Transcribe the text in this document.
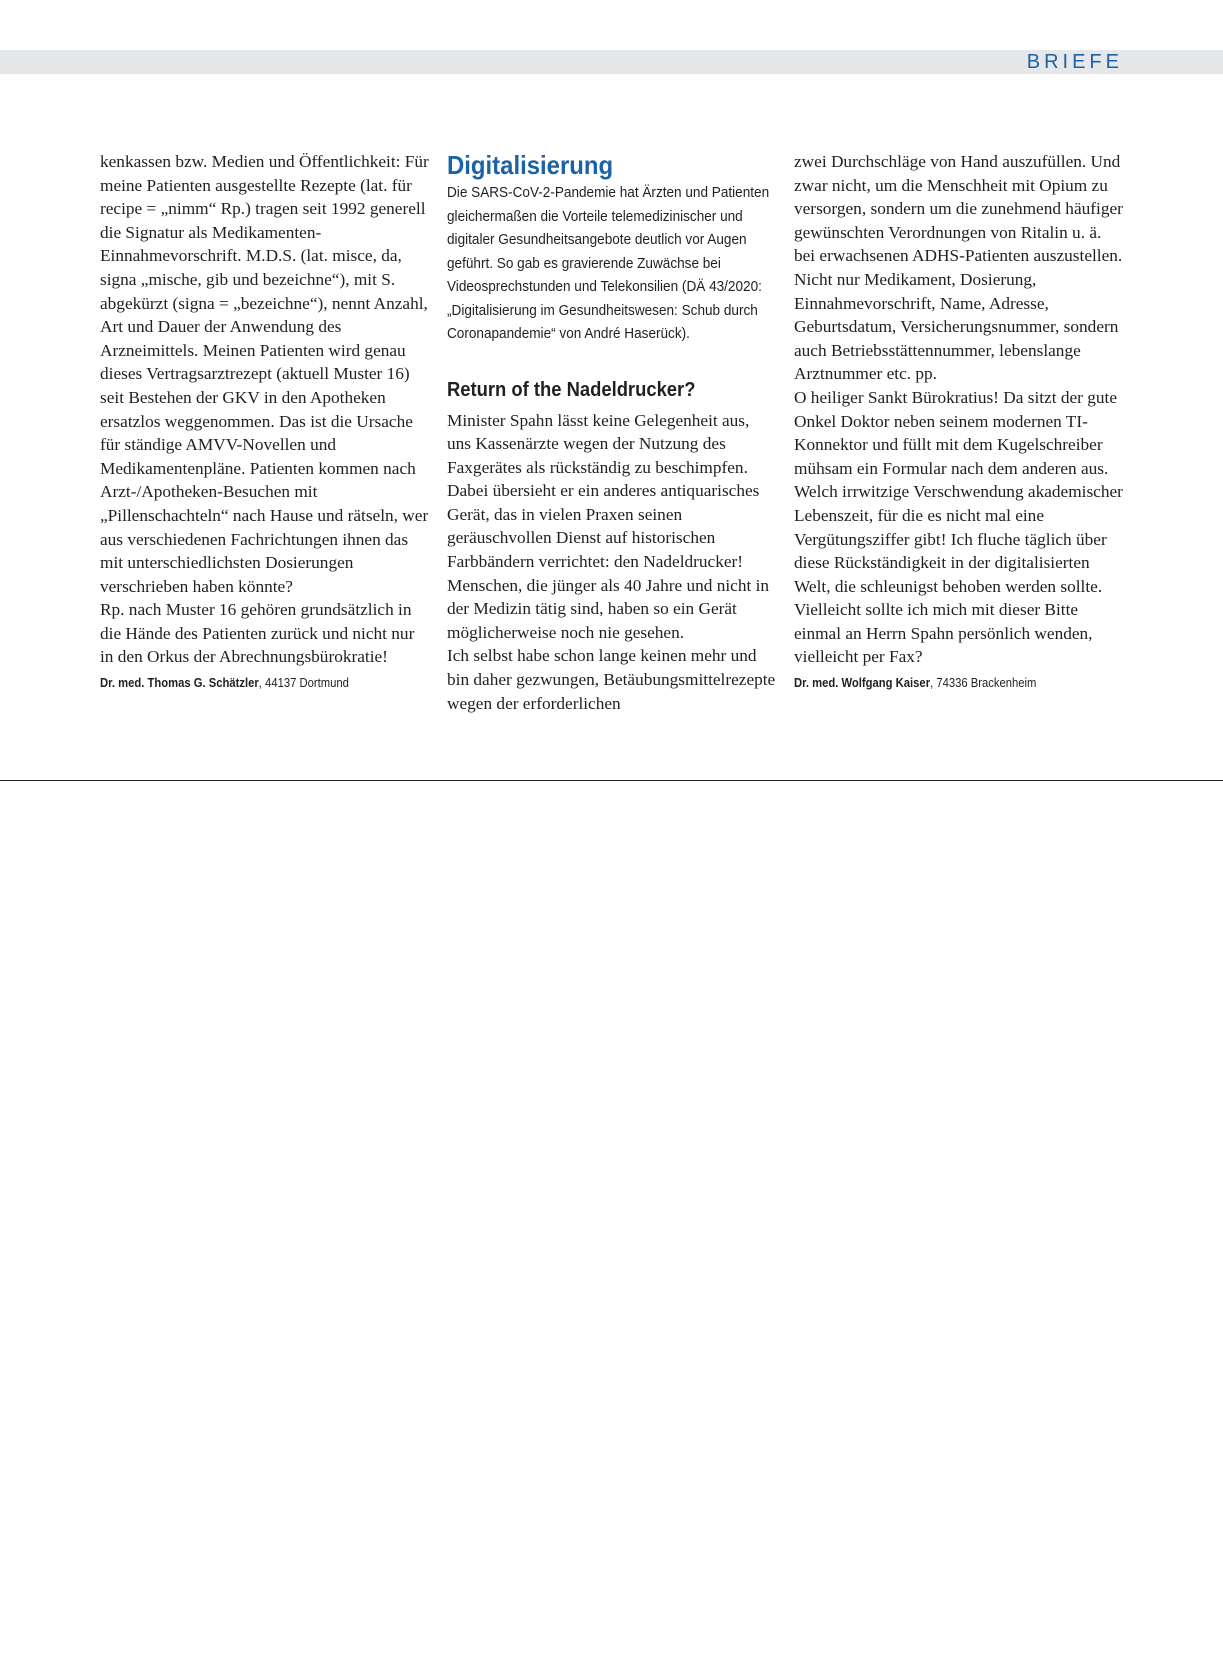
BRIEFE

kenkassen bzw. Medien und Öffentlichkeit: Für meine Patienten ausgestellte Rezepte (lat. für recipe = „nimm“ Rp.) tragen seit 1992 generell die Signatur als Medikamenten-Einnahmevorschrift. M.D.S. (lat. misce, da, signa „mische, gib und bezeichne“), mit S. abgekürzt (signa = „bezeichne“), nennt Anzahl, Art und Dauer der Anwendung des Arzneimittels. Meinen Patienten wird genau dieses Vertragsarztrezept (aktuell Muster 16) seit Bestehen der GKV in den Apotheken ersatzlos weggenommen. Das ist die Ursache für ständige AMVV-Novellen und Medikamentenpläne. Patienten kommen nach Arzt-/Apotheken-Besuchen mit „Pillenschachteln“ nach Hause und rätseln, wer aus verschiedenen Fachrichtungen ihnen das mit unterschiedlichsten Dosierungen verschrieben haben könnte?

Rp. nach Muster 16 gehören grundsätzlich in die Hände des Patienten zurück und nicht nur in den Orkus der Abrechnungsbürokratie!

Dr. med. Thomas G. Schätzler, 44137 Dortmund

Digitalisierung

Die SARS-CoV-2-Pandemie hat Ärzten und Patienten gleichermaßen die Vorteile telemedizinischer und digitaler Gesundheitsangebote deutlich vor Augen geführt. So gab es gravierende Zuwächse bei Videosprechstunden und Telekonsilien (DÄ 43/2020: „Digitalisierung im Gesundheitswesen: Schub durch Coronapandemie“ von André Haserück).

Return of the Nadeldrucker?

Minister Spahn lässt keine Gelegenheit aus, uns Kassenärzte wegen der Nutzung des Faxgerätes als rückständig zu beschimpfen. Dabei übersieht er ein anderes antiquarisches Gerät, das in vielen Praxen seinen geräuschvollen Dienst auf historischen Farbbändern verrichtet: den Nadeldrucker! Menschen, die jünger als 40 Jahre und nicht in der Medizin tätig sind, haben so ein Gerät möglicherweise noch nie gesehen.

Ich selbst habe schon lange keinen mehr und bin daher gezwungen, Betäubungsmittelrezepte wegen der erforderlichen

zwei Durchschläge von Hand auszufüllen. Und zwar nicht, um die Menschheit mit Opium zu versorgen, sondern um die zunehmend häufiger gewünschten Verordnungen von Ritalin u. ä. bei erwachsenen ADHS-Patienten auszustellen. Nicht nur Medikament, Dosierung, Einnahmevorschrift, Name, Adresse, Geburtsdatum, Versicherungsnummer, sondern auch Betriebsstättennummer, lebenslange Arztnummer etc. pp.

O heiliger Sankt Bürokratius! Da sitzt der gute Onkel Doktor neben seinem modernen TI-Konnektor und füllt mit dem Kugelschreiber mühsam ein Formular nach dem anderen aus. Welch irrwitzige Verschwendung akademischer Lebenszeit, für die es nicht mal eine Vergütungsziffer gibt! Ich fluche täglich über diese Rückständigkeit in der digitalisierten Welt, die schleunigst behoben werden sollte.

Vielleicht sollte ich mich mit dieser Bitte einmal an Herrn Spahn persönlich wenden, vielleicht per Fax?

Dr. med. Wolfgang Kaiser, 74336 Brackenheim
